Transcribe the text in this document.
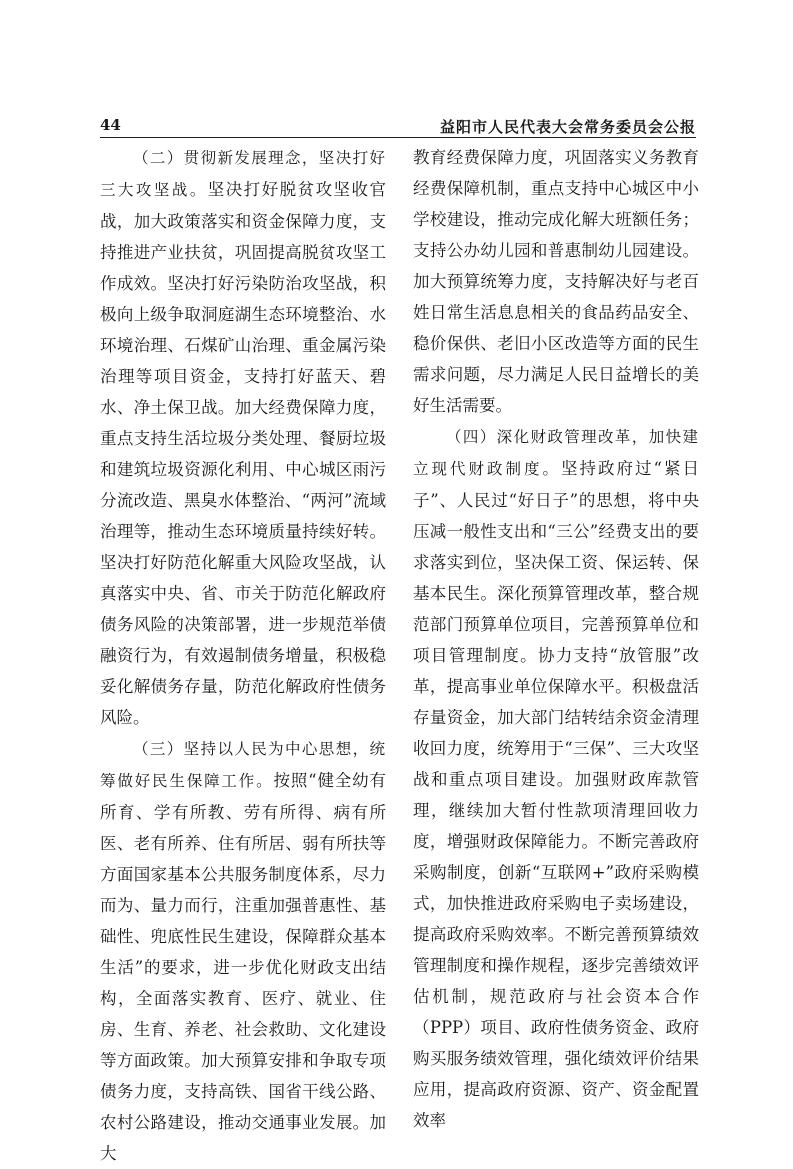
44	益阳市人民代表大会常务委员会公报

（二）贯彻新发展理念，坚决打好三大攻坚战。坚决打好脱贫攻坚收官战，加大政策落实和资金保障力度，支持推进产业扶贫，巩固提高脱贫攻坚工作成效。坚决打好污染防治攻坚战，积极向上级争取洞庭湖生态环境整治、水环境治理、石煤矿山治理、重金属污染治理等项目资金，支持打好蓝天、碧水、净土保卫战。加大经费保障力度，重点支持生活垃圾分类处理、餐厨垃圾和建筑垃圾资源化利用、中心城区雨污分流改造、黑臭水体整治、“两河”流域治理等，推动生态环境质量持续好转。坚决打好防范化解重大风险攻坚战，认真落实中央、省、市关于防范化解政府债务风险的决策部署，进一步规范举债融资行为，有效遏制债务增量，积极稳妥化解债务存量，防范化解政府性债务风险。

（三）坚持以人民为中心思想，统筹做好民生保障工作。按照“健全幼有所育、学有所教、劳有所得、病有所医、老有所养、住有所居、弱有所扶等方面国家基本公共服务制度体系，尽力而为、量力而行，注重加强普惠性、基础性、兜底性民生建设，保障群众基本生活”的要求，进一步优化财政支出结构，全面落实教育、医疗、就业、住房、生育、养老、社会救助、文化建设等方面政策。加大预算安排和争取专项债务力度，支持高铁、国省干线公路、农村公路建设，推动交通事业发展。加大

教育经费保障力度，巩固落实义务教育经费保障机制，重点支持中心城区中小学校建设，推动完成化解大班额任务；支持公办幼儿园和普惠制幼儿园建设。加大预算统筹力度，支持解决好与老百姓日常生活息息相关的食品药品安全、稳价保供、老旧小区改造等方面的民生需求问题，尽力满足人民日益增长的美好生活需要。

（四）深化财政管理改革，加快建立现代财政制度。坚持政府过“紧日子”、人民过“好日子”的思想，将中央压减一般性支出和“三公”经费支出的要求落实到位，坚决保工资、保运转、保基本民生。深化预算管理改革，整合规范部门预算单位项目，完善预算单位和项目管理制度。协力支持“放管服”改革，提高事业单位保障水平。积极盘活存量资金，加大部门结转结余资金清理收回力度，统筹用于“三保”、三大攻坚战和重点项目建设。加强财政库款管理，继续加大暂付性款项清理回收力度，增强财政保障能力。不断完善政府采购制度，创新“互联网+”政府采购模式，加快推进政府采购电子卖场建设，提高政府采购效率。不断完善预算绩效管理制度和操作规程，逐步完善绩效评估机制，规范政府与社会资本合作（PPP）项目、政府性债务资金、政府购买服务绩效管理，强化绩效评价结果应用，提高政府资源、资产、资金配置效率
